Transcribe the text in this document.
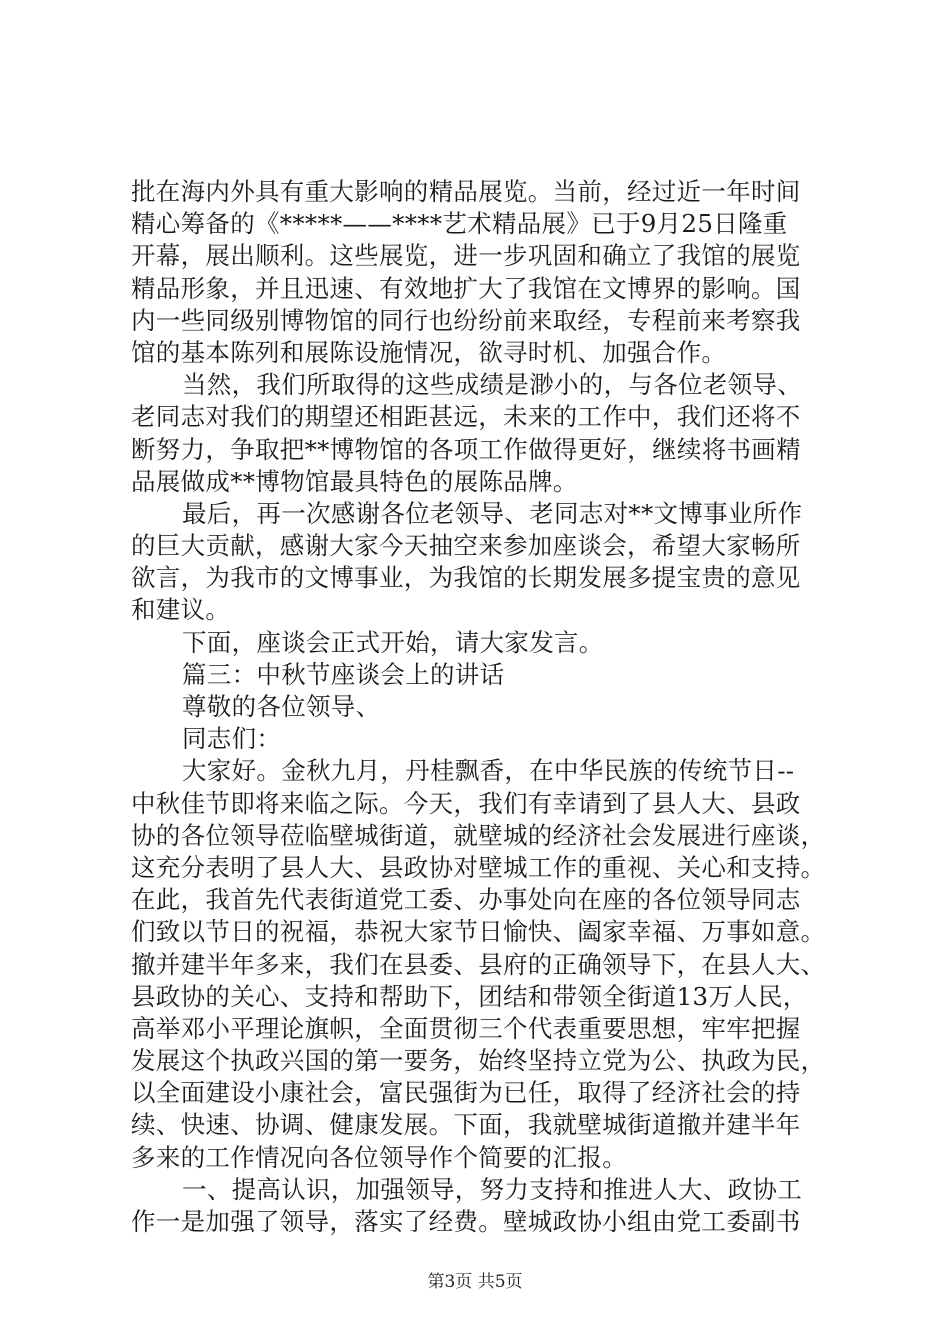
批在海内外具有重大影响的精品展览。当前，经过近一年时间
精心筹备的《*****——****艺术精品展》已于9月25日隆重
开幕，展出顺利。这些展览，进一步巩固和确立了我馆的展览
精品形象，并且迅速、有效地扩大了我馆在文博界的影响。国
内一些同级别博物馆的同行也纷纷前来取经，专程前来考察我
馆的基本陈列和展陈设施情况，欲寻时机、加强合作。
当然，我们所取得的这些成绩是渺小的，与各位老领导、
老同志对我们的期望还相距甚远，未来的工作中，我们还将不
断努力，争取把**博物馆的各项工作做得更好，继续将书画精
品展做成**博物馆最具特色的展陈品牌。
最后，再一次感谢各位老领导、老同志对**文博事业所作
的巨大贡献，感谢大家今天抽空来参加座谈会，希望大家畅所
欲言，为我市的文博事业，为我馆的长期发展多提宝贵的意见
和建议。
下面，座谈会正式开始，请大家发言。
篇三：中秋节座谈会上的讲话
尊敬的各位领导、
同志们：
大家好。金秋九月，丹桂飘香，在中华民族的传统节日--
中秋佳节即将来临之际。今天，我们有幸请到了县人大、县政
协的各位领导莅临壁城街道，就壁城的经济社会发展进行座谈，
这充分表明了县人大、县政协对壁城工作的重视、关心和支持。
在此，我首先代表街道党工委、办事处向在座的各位领导同志
们致以节日的祝福，恭祝大家节日愉快、阖家幸福、万事如意。
撤并建半年多来，我们在县委、县府的正确领导下，在县人大、
县政协的关心、支持和帮助下，团结和带领全街道13万人民，
高举邓小平理论旗帜，全面贯彻三个代表重要思想，牢牢把握
发展这个执政兴国的第一要务，始终坚持立党为公、执政为民，
以全面建设小康社会，富民强街为已任，取得了经济社会的持
续、快速、协调、健康发展。下面，我就壁城街道撤并建半年
多来的工作情况向各位领导作个简要的汇报。
一、提高认识，加强领导，努力支持和推进人大、政协工
作一是加强了领导，落实了经费。壁城政协小组由党工委副书
第3页 共5页
